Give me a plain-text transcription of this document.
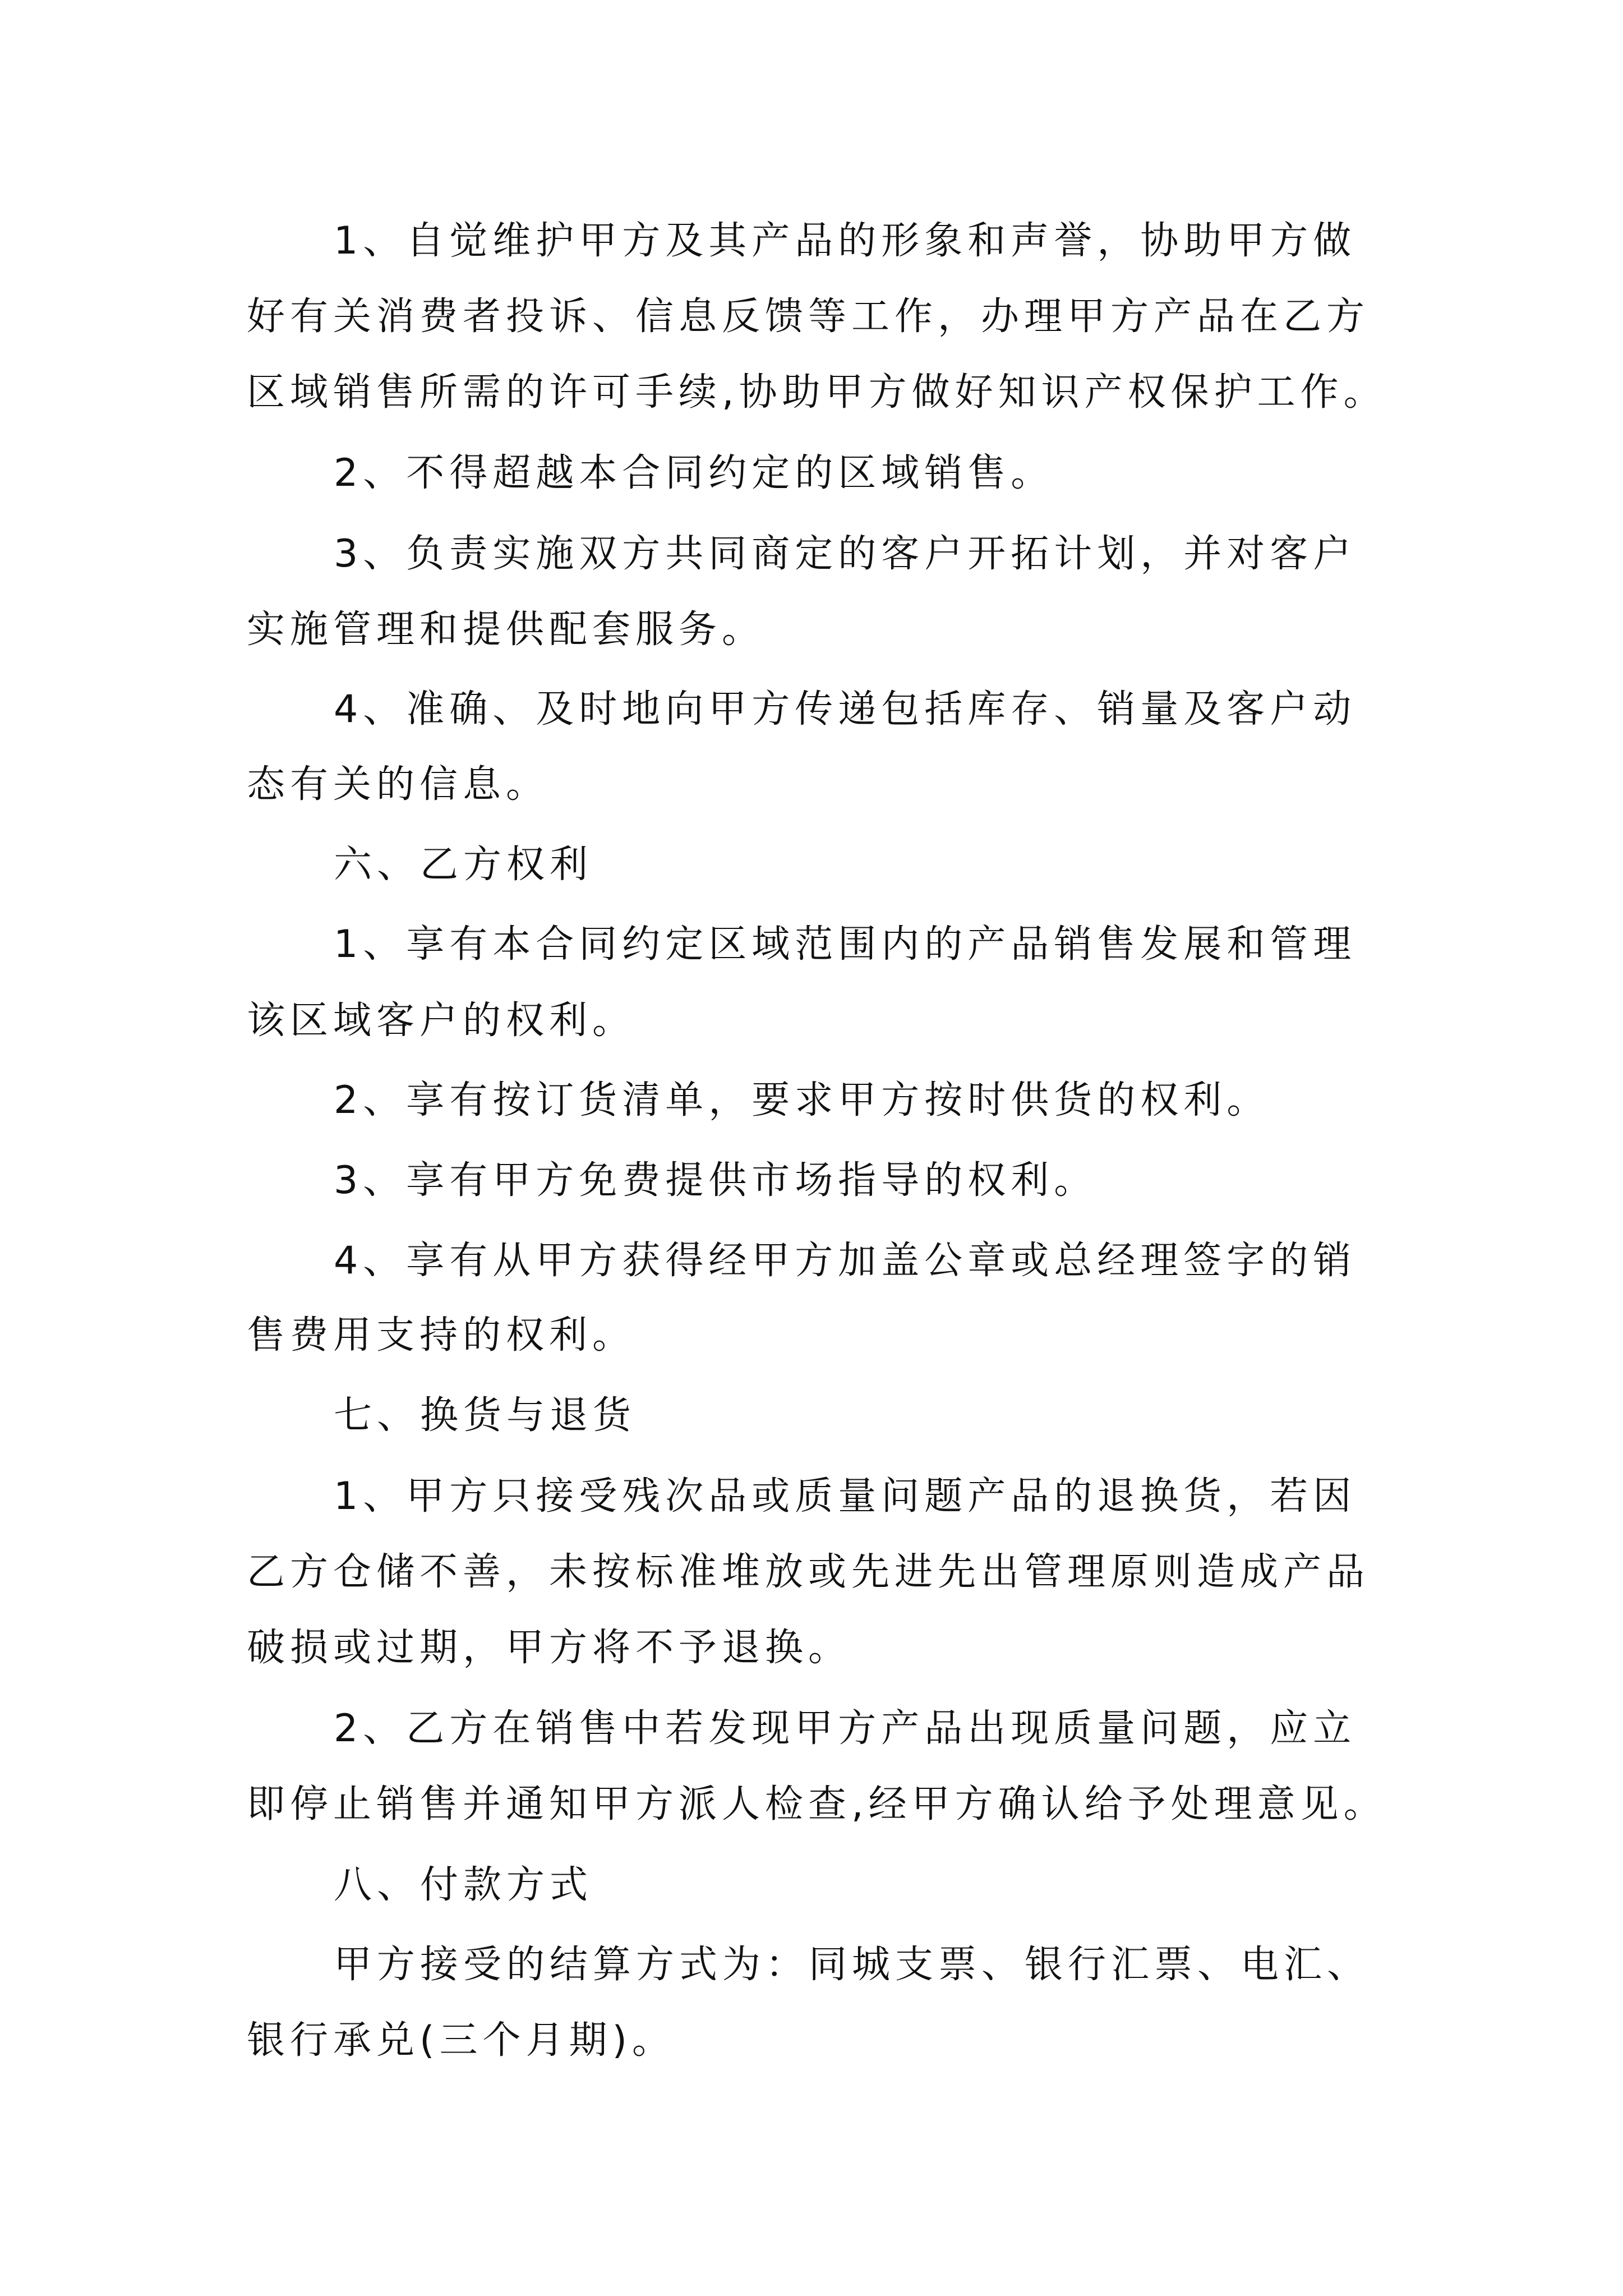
1、自觉维护甲方及其产品的形象和声誉，协助甲方做
好有关消费者投诉、信息反馈等工作，办理甲方产品在乙方
区域销售所需的许可手续,协助甲方做好知识产权保护工作。
2、不得超越本合同约定的区域销售。
3、负责实施双方共同商定的客户开拓计划，并对客户
实施管理和提供配套服务。
4、准确、及时地向甲方传递包括库存、销量及客户动
态有关的信息。
六、乙方权利
1、享有本合同约定区域范围内的产品销售发展和管理
该区域客户的权利。
2、享有按订货清单，要求甲方按时供货的权利。
3、享有甲方免费提供市场指导的权利。
4、享有从甲方获得经甲方加盖公章或总经理签字的销
售费用支持的权利。
七、换货与退货
1、甲方只接受残次品或质量问题产品的退换货，若因
乙方仓储不善，未按标准堆放或先进先出管理原则造成产品
破损或过期，甲方将不予退换。
2、乙方在销售中若发现甲方产品出现质量问题，应立
即停止销售并通知甲方派人检查,经甲方确认给予处理意见。
八、付款方式
甲方接受的结算方式为：同城支票、银行汇票、电汇、
银行承兑(三个月期)。
